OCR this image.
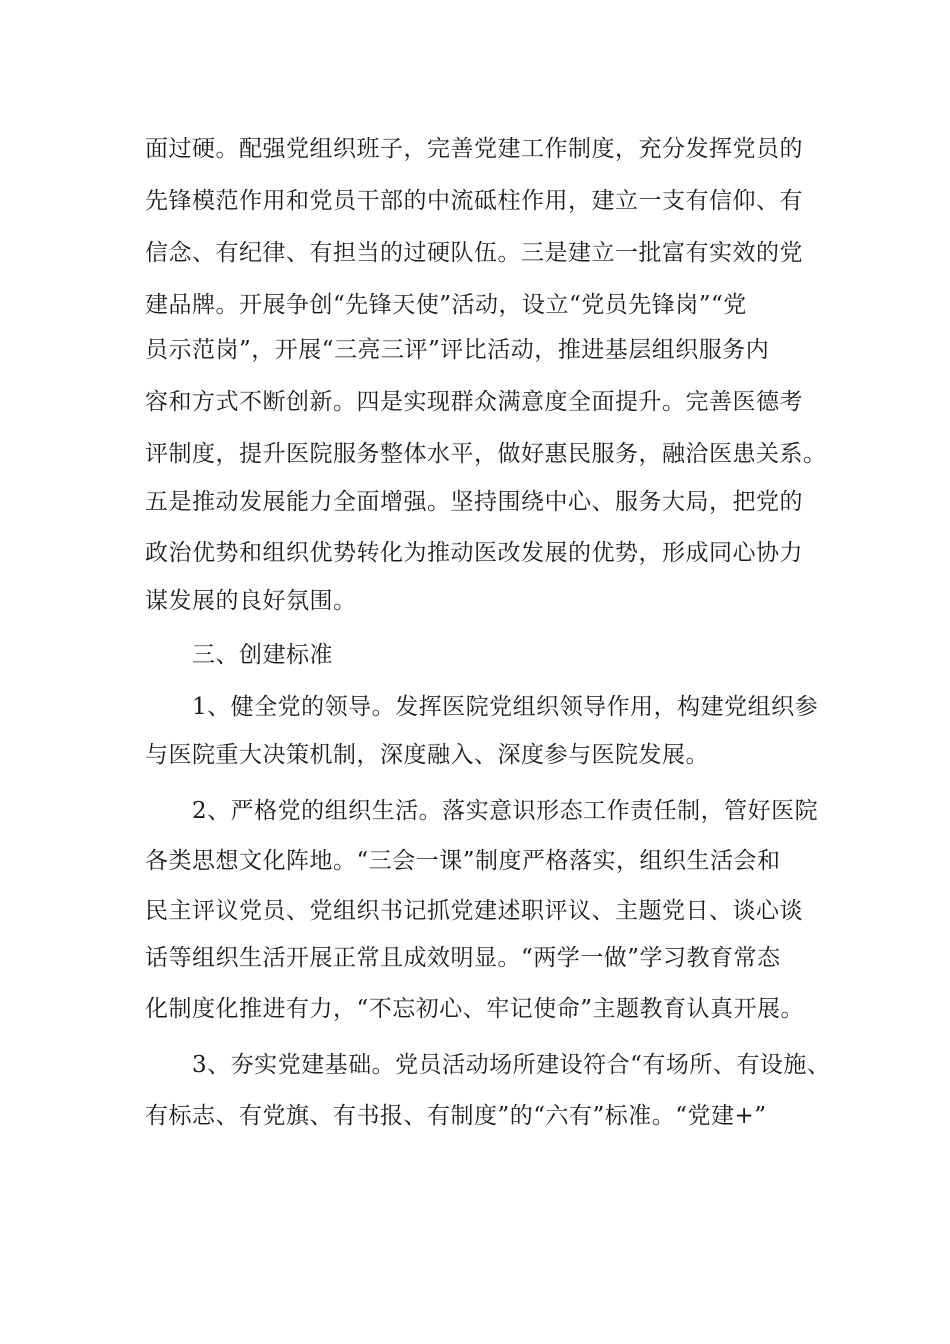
面过硬。配强党组织班子，完善党建工作制度，充分发挥党员的
先锋模范作用和党员干部的中流砥柱作用，建立一支有信仰、有
信念、有纪律、有担当的过硬队伍。三是建立一批富有实效的党
建品牌。开展争创“先锋天使”活动，设立“党员先锋岗”“党
员示范岗”，开展“三亮三评”评比活动，推进基层组织服务内
容和方式不断创新。四是实现群众满意度全面提升。完善医德考
评制度，提升医院服务整体水平，做好惠民服务，融洽医患关系。
五是推动发展能力全面增强。坚持围绕中心、服务大局，把党的
政治优势和组织优势转化为推动医改发展的优势，形成同心协力
谋发展的良好氛围。
　　三、创建标准
　　1、健全党的领导。发挥医院党组织领导作用，构建党组织参
与医院重大决策机制，深度融入、深度参与医院发展。
　　2、严格党的组织生活。落实意识形态工作责任制，管好医院
各类思想文化阵地。“三会一课”制度严格落实，组织生活会和
民主评议党员、党组织书记抓党建述职评议、主题党日、谈心谈
话等组织生活开展正常且成效明显。“两学一做”学习教育常态
化制度化推进有力，“不忘初心、牢记使命”主题教育认真开展。
　　3、夯实党建基础。党员活动场所建设符合“有场所、有设施、
有标志、有党旗、有书报、有制度”的“六有”标准。“党建+”
